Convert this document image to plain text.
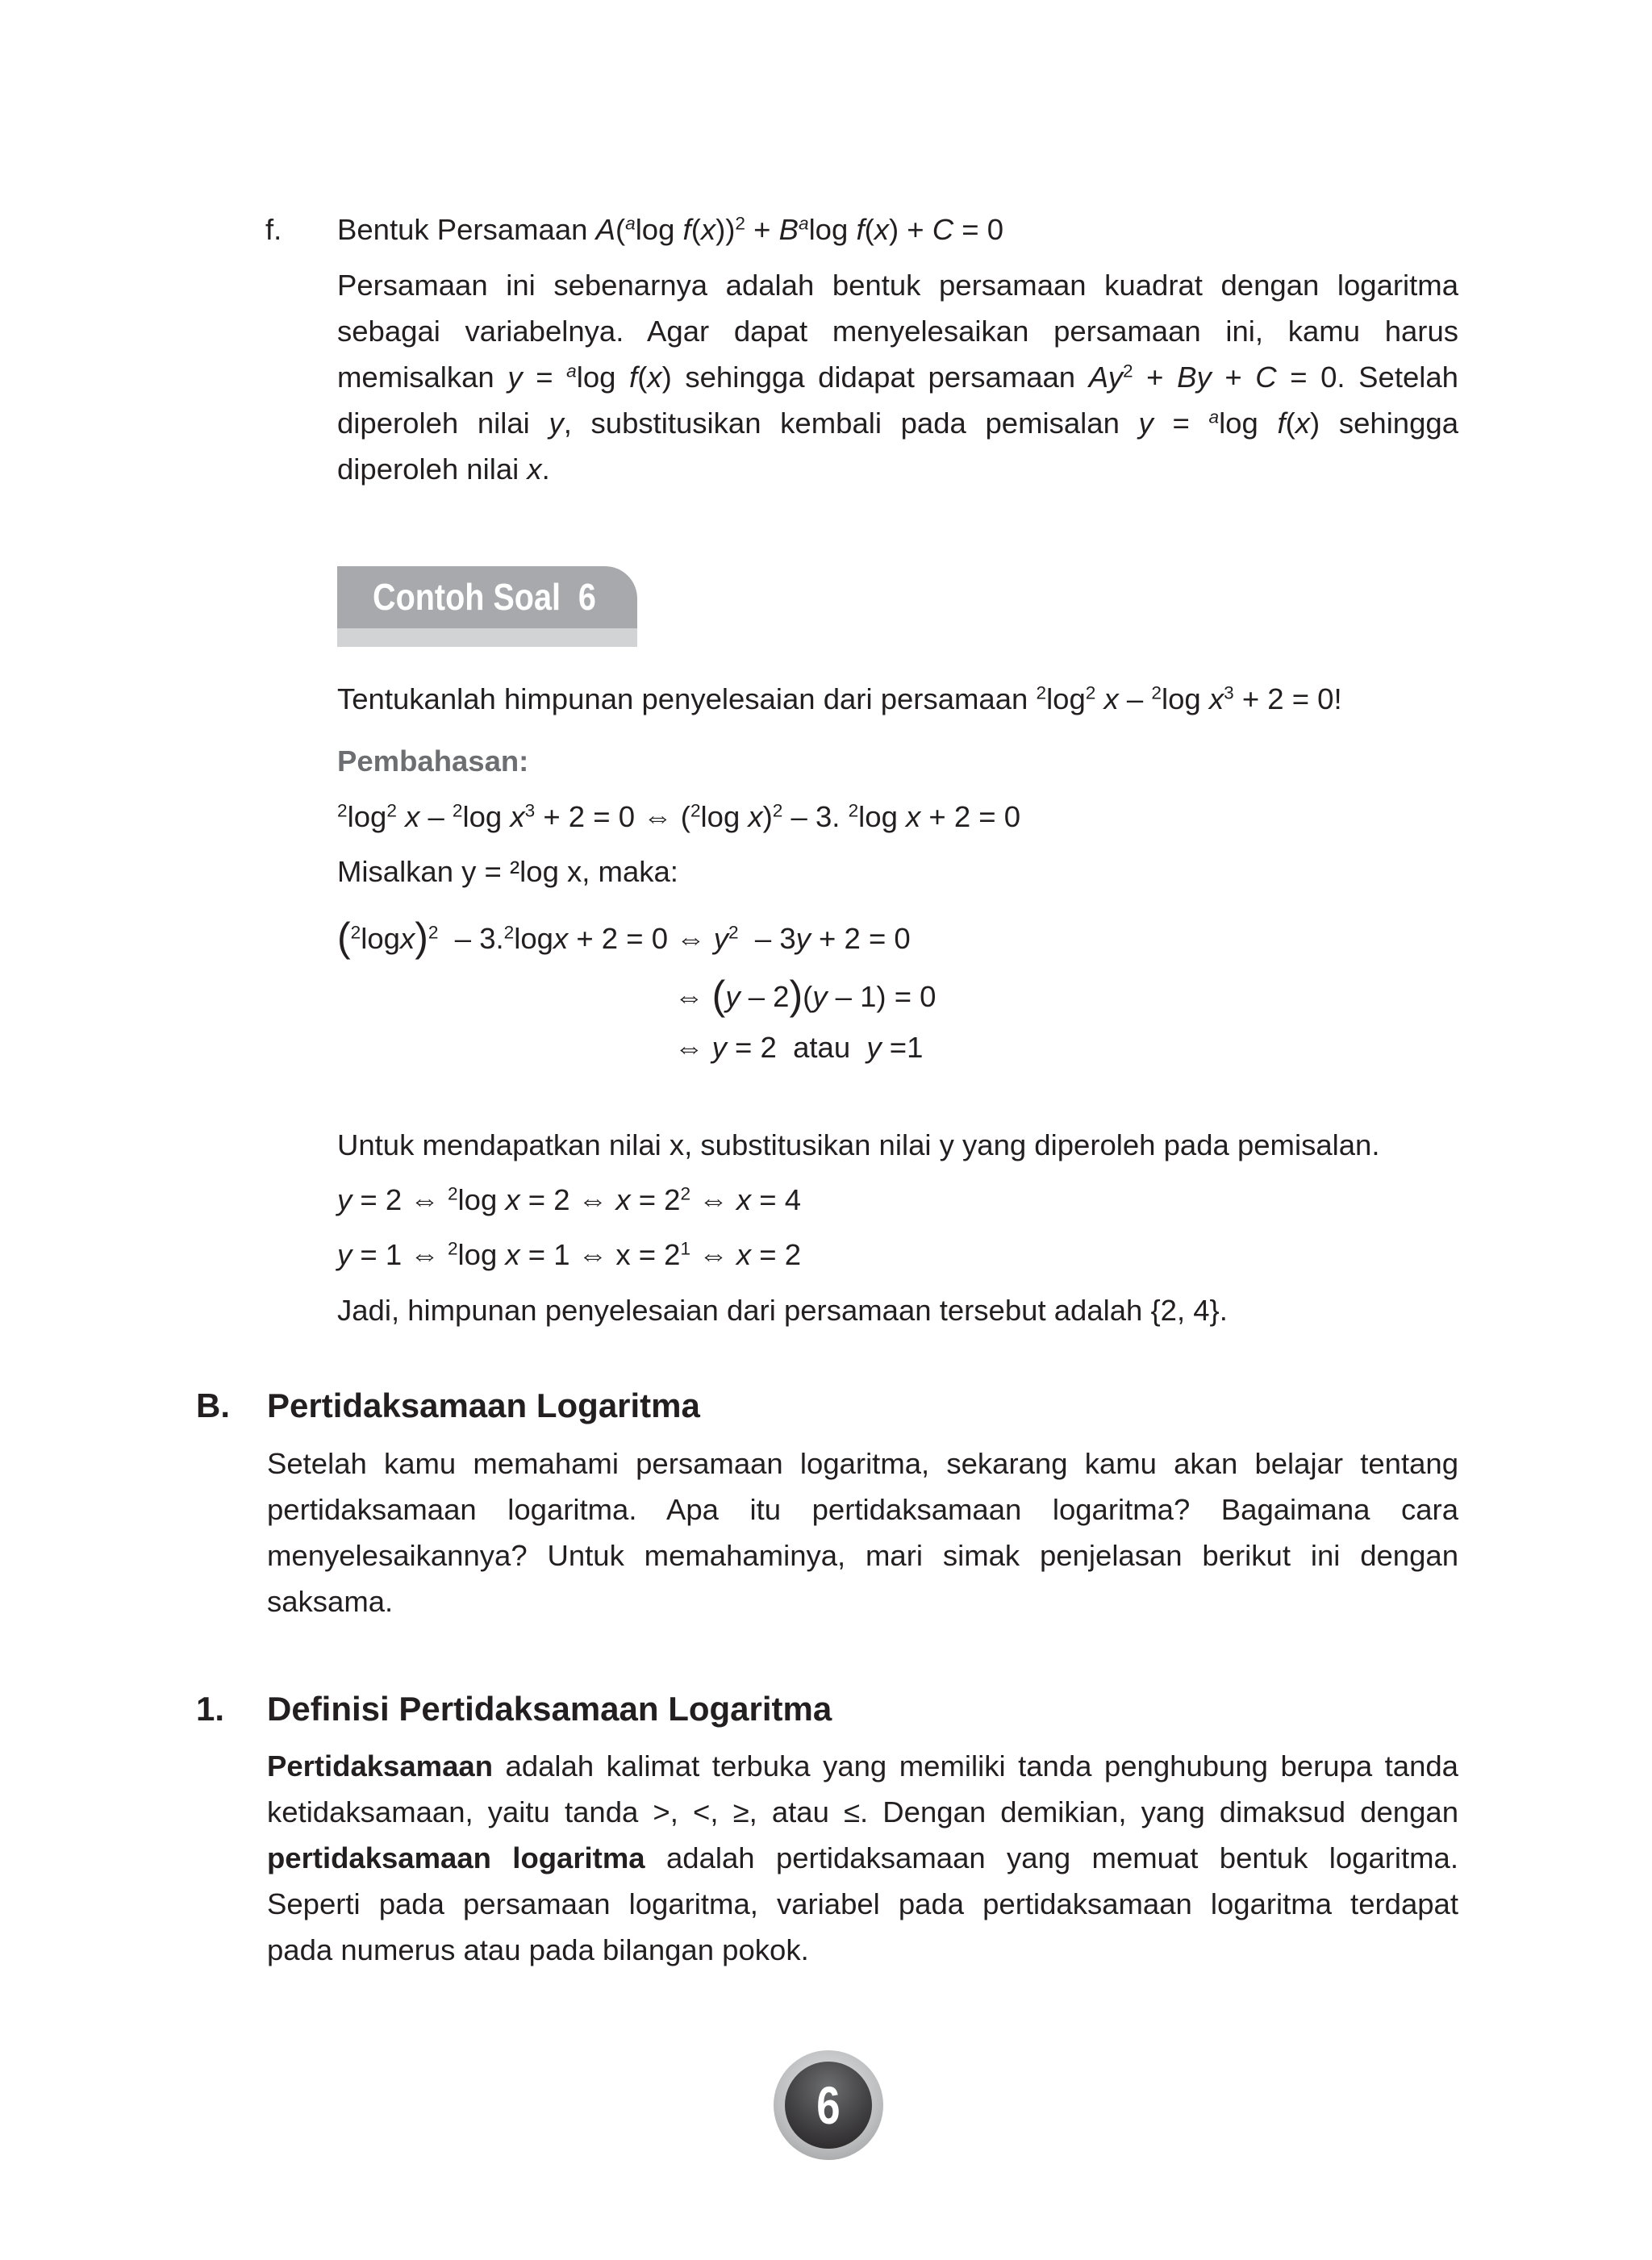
f. Bentuk Persamaan A($^a$log $f(x))^2 + B^a\log$ f(x) + C = 0
Persamaan ini sebenarnya adalah bentuk persamaan kuadrat dengan logaritma
sebagai variabelnya. Agar dapat menyelesaikan persamaan ini, kamu harus
memisalkan y = $^a$log f(x) sehingga didapat persamaan $Ay^2 + By + C = 0$. Setelah
diperoleh nilai y, substitusikan kembali pada pemisalan y = $^a$log f(x) sehingga
diperoleh nilai x.
Contoh Soal  6
Tentukanlah himpunan penyelesaian dari persamaan $^2\log^2$ x – $^2$log $x^3 + 2 = 0$!
Pembahasan:
$^2\log^2$ x – $^2$log $x^3 + 2 = 0$ ⇔ ($^2$log x)$^2$ – 3. $^2$log x + 2 = 0
Misalkan y = ²log x, maka:
$(^2\log x)^2 - 3.^2\log x + 2 = 0$ ⇔ $y^2 - 3y + 2 = 0$
⇔ (y – 2)(y – 1) = 0
⇔ y = 2  atau  y =1
Untuk mendapatkan nilai x, substitusikan nilai y yang diperoleh pada pemisalan.
y = 2 ⇔ $^2$log x = 2 ⇔ $x = 2^2$ ⇔ x = 4
y = 1 ⇔ $^2$log x = 1 ⇔ $x = 2^1$ ⇔ x = 2
Jadi, himpunan penyelesaian dari persamaan tersebut adalah {2, 4}.
B. Pertidaksamaan Logaritma
Setelah kamu memahami persamaan logaritma, sekarang kamu akan belajar tentang
pertidaksamaan logaritma. Apa itu pertidaksamaan logaritma? Bagaimana cara
menyelesaikannya? Untuk memahaminya, mari simak penjelasan berikut ini dengan
saksama.
1. Definisi Pertidaksamaan Logaritma
Pertidaksamaan adalah kalimat terbuka yang memiliki tanda penghubung berupa tanda
ketidaksamaan, yaitu tanda >, <, ≥, atau ≤. Dengan demikian, yang dimaksud dengan
pertidaksamaan logaritma adalah pertidaksamaan yang memuat bentuk logaritma.
Seperti pada persamaan logaritma, variabel pada pertidaksamaan logaritma terdapat
pada numerus atau pada bilangan pokok.
6
